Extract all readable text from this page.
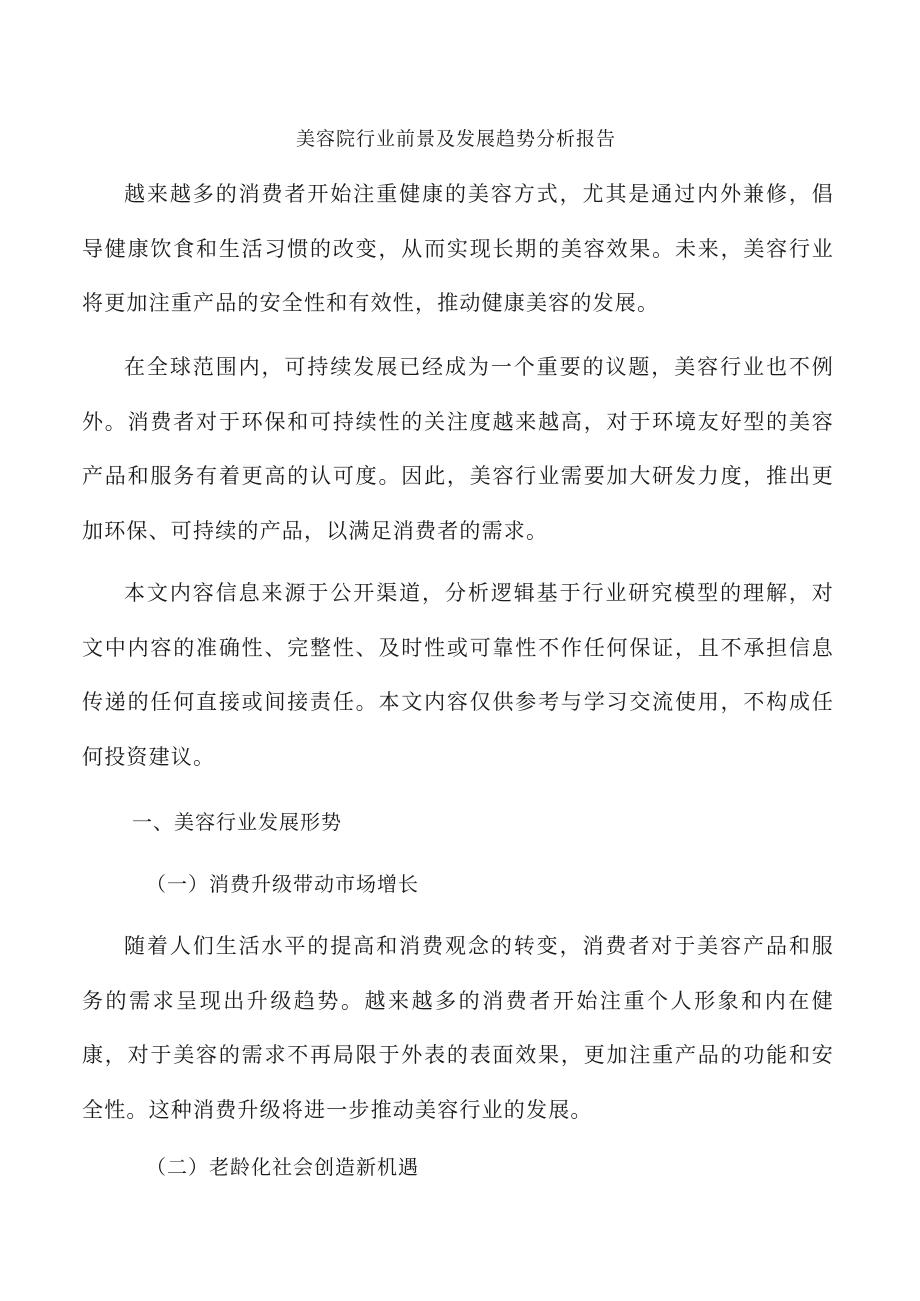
美容院行业前景及发展趋势分析报告

越来越多的消费者开始注重健康的美容方式，尤其是通过内外兼修，倡导健康饮食和生活习惯的改变，从而实现长期的美容效果。未来，美容行业将更加注重产品的安全性和有效性，推动健康美容的发展。

在全球范围内，可持续发展已经成为一个重要的议题，美容行业也不例外。消费者对于环保和可持续性的关注度越来越高，对于环境友好型的美容产品和服务有着更高的认可度。因此，美容行业需要加大研发力度，推出更加环保、可持续的产品，以满足消费者的需求。

本文内容信息来源于公开渠道，分析逻辑基于行业研究模型的理解，对文中内容的准确性、完整性、及时性或可靠性不作任何保证，且不承担信息传递的任何直接或间接责任。本文内容仅供参考与学习交流使用，不构成任何投资建议。

一、美容行业发展形势
（一）消费升级带动市场增长

随着人们生活水平的提高和消费观念的转变，消费者对于美容产品和服务的需求呈现出升级趋势。越来越多的消费者开始注重个人形象和内在健康，对于美容的需求不再局限于外表的表面效果，更加注重产品的功能和安全性。这种消费升级将进一步推动美容行业的发展。

（二）老龄化社会创造新机遇
